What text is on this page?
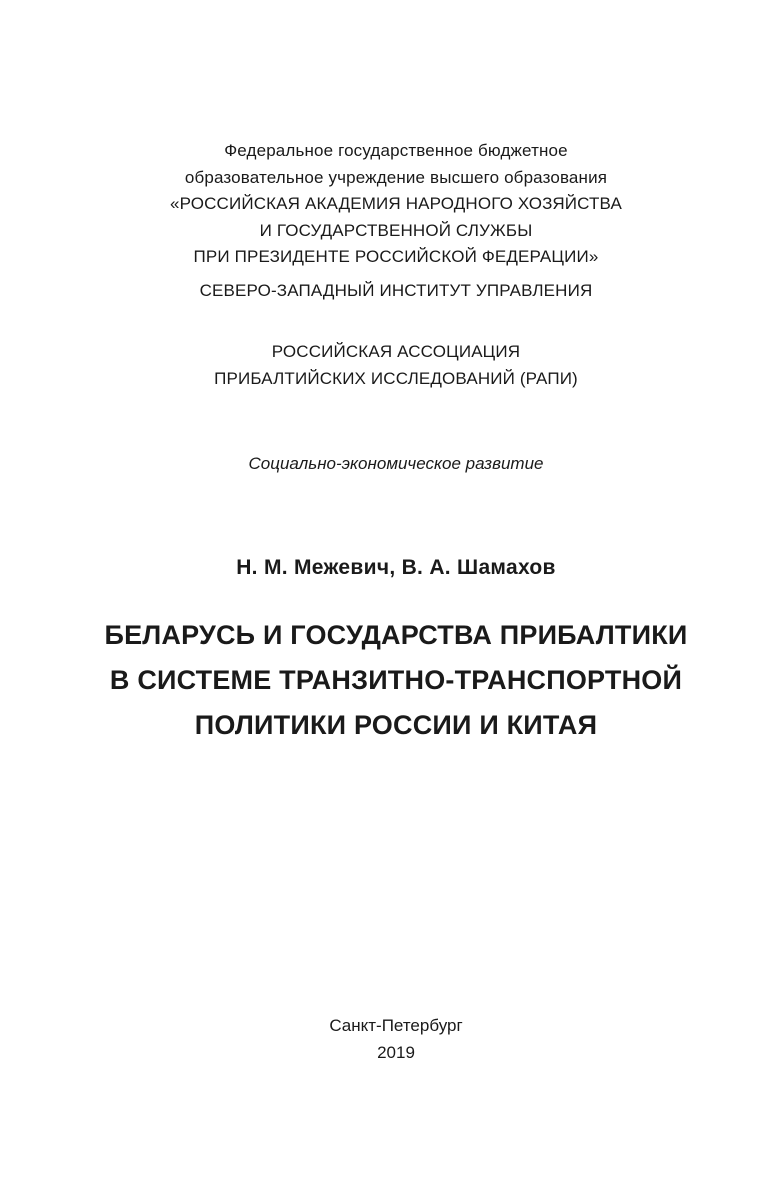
Федеральное государственное бюджетное
образовательное учреждение высшего образования
«РОССИЙСКАЯ АКАДЕМИЯ НАРОДНОГО ХОЗЯЙСТВА
И ГОСУДАРСТВЕННОЙ СЛУЖБЫ
ПРИ ПРЕЗИДЕНТЕ РОССИЙСКОЙ ФЕДЕРАЦИИ»
СЕВЕРО-ЗАПАДНЫЙ ИНСТИТУТ УПРАВЛЕНИЯ
РОССИЙСКАЯ АССОЦИАЦИЯ
ПРИБАЛТИЙСКИХ ИССЛЕДОВАНИЙ (РАПИ)
Социально-экономическое развитие
Н. М. Межевич, В. А. Шамахов
БЕЛАРУСЬ И ГОСУДАРСТВА ПРИБАЛТИКИ
В СИСТЕМЕ ТРАНЗИТНО-ТРАНСПОРТНОЙ
ПОЛИТИКИ РОССИИ И КИТАЯ
Санкт-Петербург
2019
